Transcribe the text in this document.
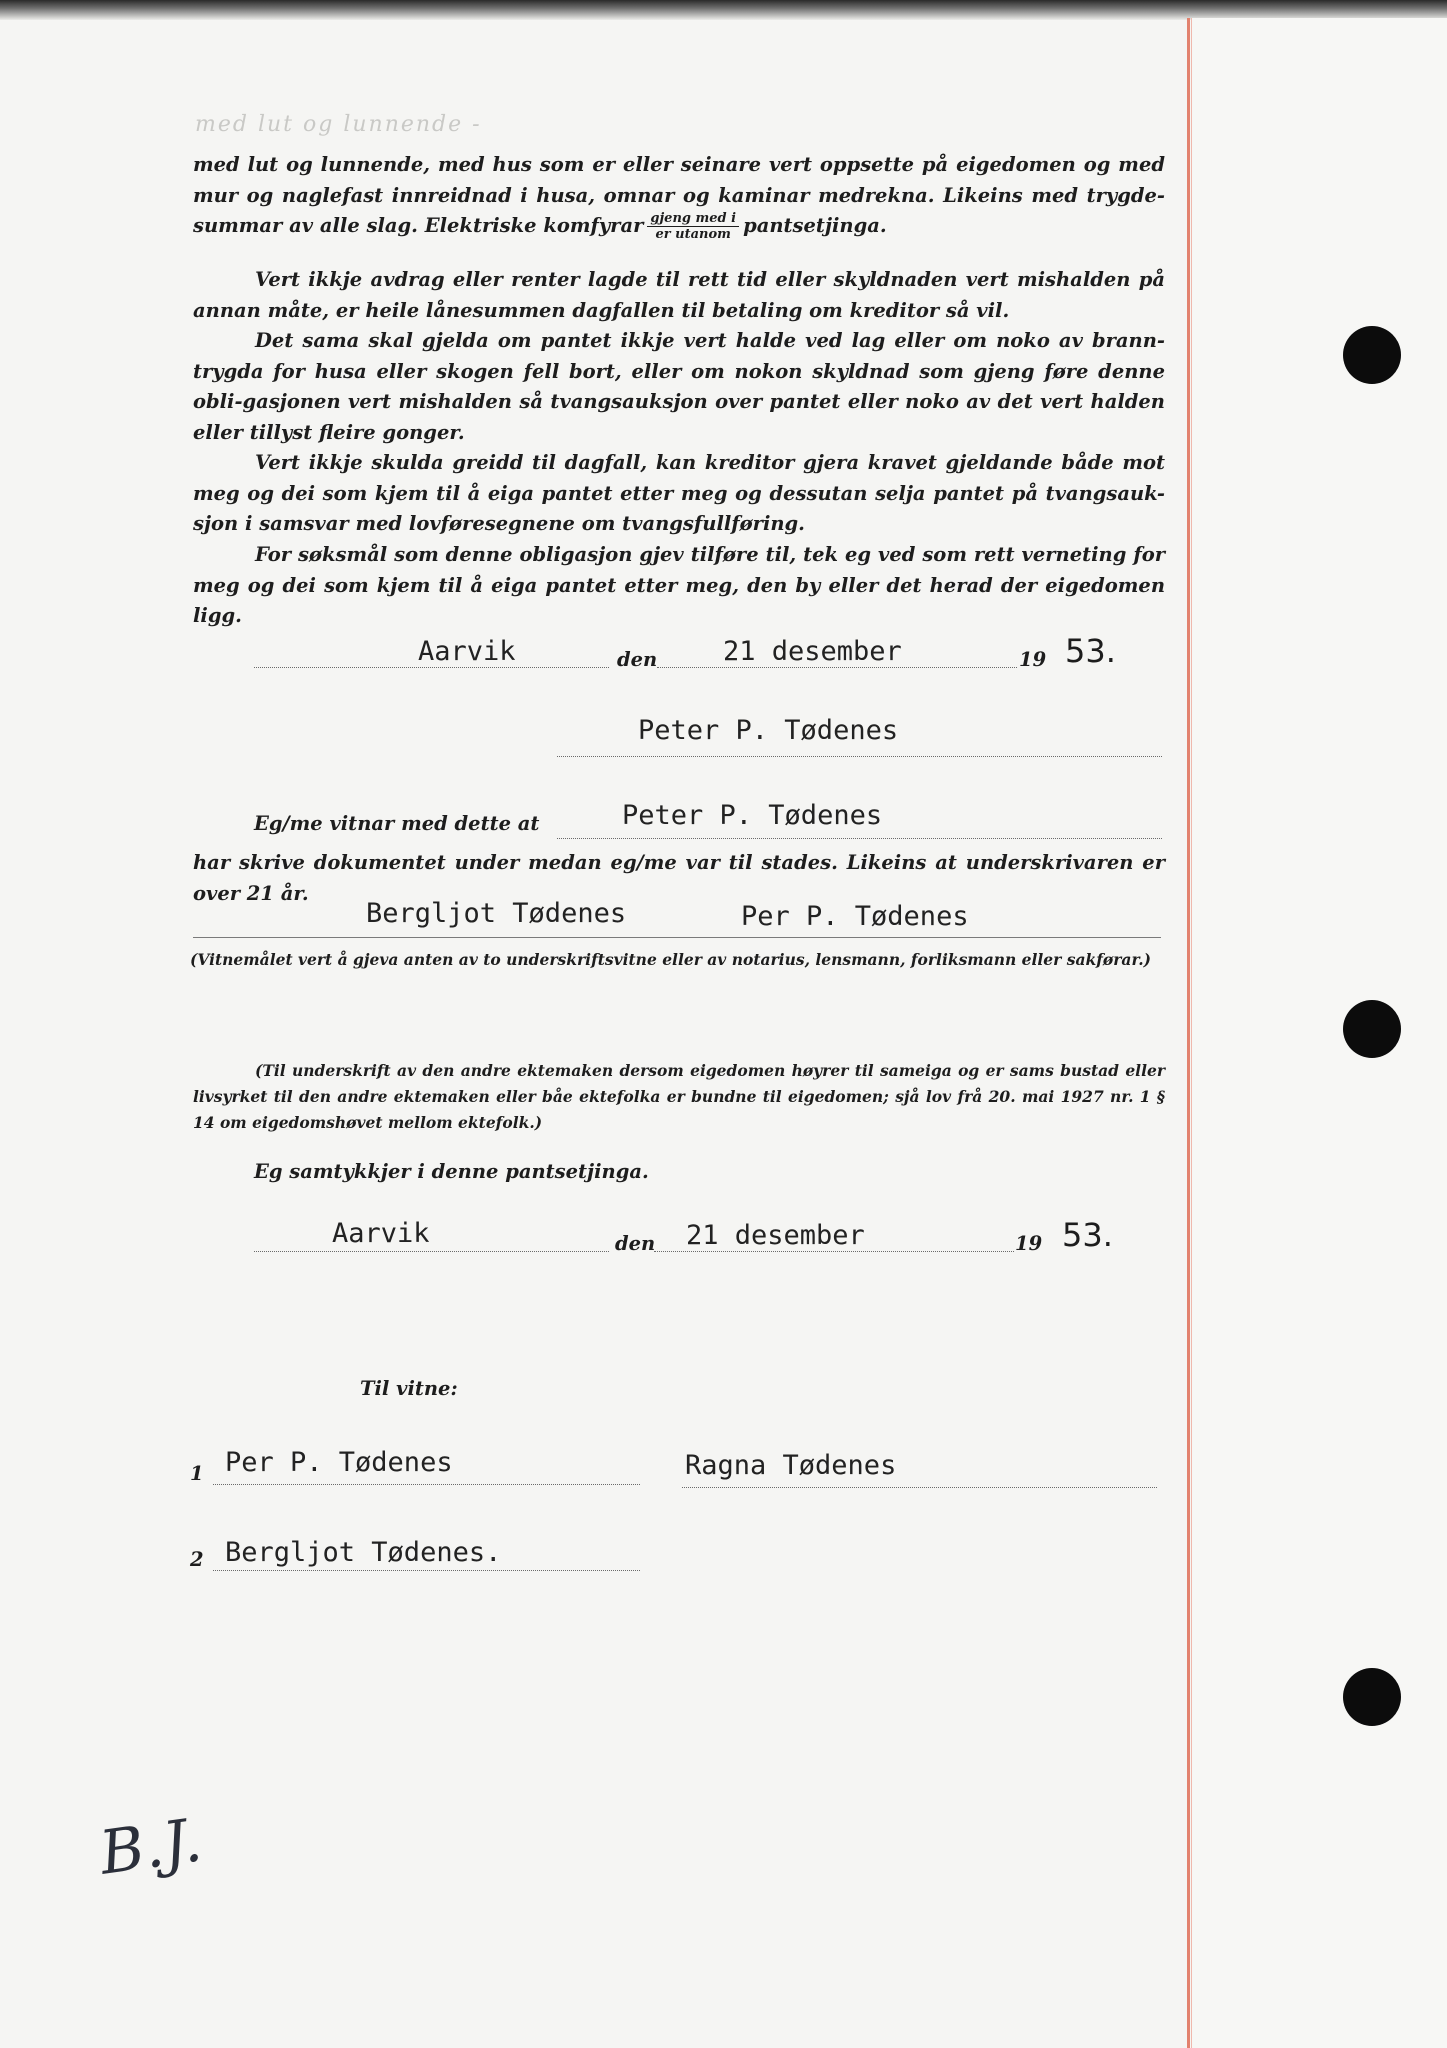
med lut og lunnende -

med lut og lunnende, med hus som er eller seinare vert oppsette på eigedomen og med mur og naglefast innreidnad i husa, omnar og kaminar medrekna. Likeins med trygde-summar av alle slag. Elektriske komfyrar $\frac{\text{gjeng med i}}{\text{er utanom}}$ pantsetjinga.

Vert ikkje avdrag eller renter lagde til rett tid eller skyldnaden vert mishalden på annan måte, er heile lånesummen dagfallen til betaling om kreditor så vil.

Det sama skal gjelda om pantet ikkje vert halde ved lag eller om noko av brann-trygda for husa eller skogen fell bort, eller om nokon skyldnad som gjeng føre denne obli-gasjonen vert mishalden så tvangsauksjon over pantet eller noko av det vert halden eller tillyst fleire gonger.

Vert ikkje skulda greidd til dagfall, kan kreditor gjera kravet gjeldande både mot meg og dei som kjem til å eiga pantet etter meg og dessutan selja pantet på tvangsauk-sjon i samsvar med lovføresegnene om tvangsfullføring.

For søksmål som denne obligasjon gjev tilføre til, tek eg ved som rett verneting for meg og dei som kjem til å eiga pantet etter meg, den by eller det herad der eigedomen ligg.

Aarvik	den 21 desember	19 53.
Peter P. Tødenes
Eg/me vitnar med dette at	Peter P. Tødenes

har skrive dokumentet under medan eg/me var til stades. Likeins at underskrivaren er over 21 år.

Bergljot Tødenes	Per P. Tødenes

(Vitnemålet vert å gjeva anten av to underskriftsvitne eller av notarius, lensmann, forliksmann eller sakførar.)

(Til underskrift av den andre ektemaken dersom eigedomen høyrer til sameiga og er sams bustad eller livsyrket til den andre ektemaken eller båe ektefolka er bundne til eigedomen; sjå lov frå 20. mai 1927 nr. 1 § 14 om eigedomshøvet mellom ektefolk.)

Eg samtykkjer i denne pantsetjinga.
Aarvik	den 21 desember	19 53.
Til vitne:
1 Per P. Tødenes	Ragna Tødenes
2 Bergljot Tødenes.
B.J.
